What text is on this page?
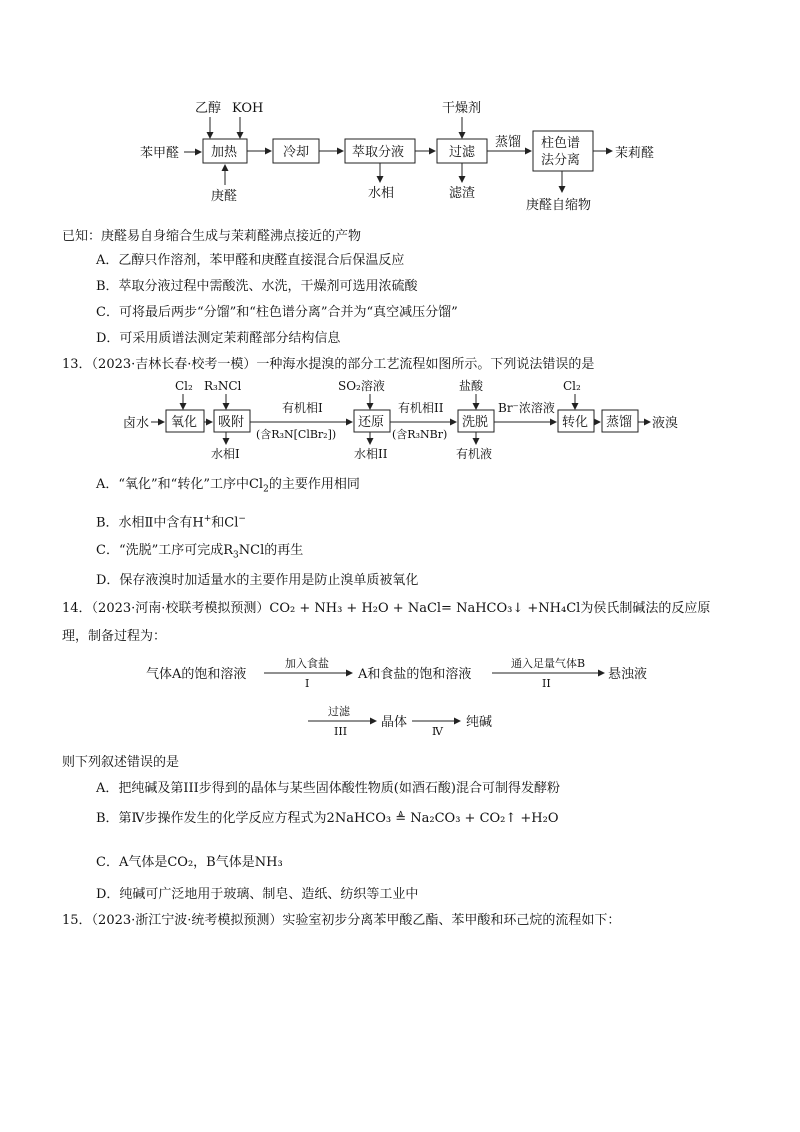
苯甲醛
乙醇 KOH
加热
庚醛
冷却	萃取分液
水相
干燥剂
过滤
滤渣
蒸馏 柱色谱
法分离	茉莉醛
庚醛自缩物
已知：庚醛易自身缩合生成与茉莉醛沸点接近的产物
A．乙醇只作溶剂，苯甲醛和庚醛直接混合后保温反应
B．萃取分液过程中需酸洗、水洗，干燥剂可选用浓硫酸
C．可将最后两步“分馏”和“柱色谱分离”合并为“真空减压分馏”
D．可采用质谱法测定茉莉醛部分结构信息
13．（2023·吉林长春·校考一模）一种海水提溴的部分工艺流程如图所示。下列说法错误的是
卤水
Cl₂
氧化
R₃NCl
吸附
水相I
有机相I
(含R₃N[ClBr₂])
SO₂溶液
还原
水相II
有机相II
(含R₃NBr)
盐酸
洗脱
有机液
Br⁻浓溶液
Cl₂
转化 蒸馏 液溴
A．“氧化”和“转化”工序中$Cl_2$的主要作用相同
B．水相Ⅱ中含有H+和Cl−
C．“洗脱”工序可完成$R_3NCl$的再生
D．保存液溴时加适量水的主要作用是防止溴单质被氧化
14．（2023·河南·校联考模拟预测）CO₂ + NH₃ + H₂O + NaCl= NaHCO₃↓ +NH₄Cl为侯氏制碱法的反应原
理，制备过程为：
气体A的饱和溶液
加入食盐
I
A和食盐的饱和溶液
通入足量气体B
II
悬浊液
过滤
III
晶体
Ⅳ
纯碱
则下列叙述错误的是
A．把纯碱及第III步得到的晶体与某些固体酸性物质(如酒石酸)混合可制得发酵粉
B．第Ⅳ步操作发生的化学反应方程式为2NaHCO₃ ≜ Na₂CO₃ + CO₂↑ +H₂O
C．A气体是CO₂，B气体是NH₃
D．纯碱可广泛地用于玻璃、制皂、造纸、纺织等工业中
15．（2023·浙江宁波·统考模拟预测）实验室初步分离苯甲酸乙酯、苯甲酸和环己烷的流程如下：
